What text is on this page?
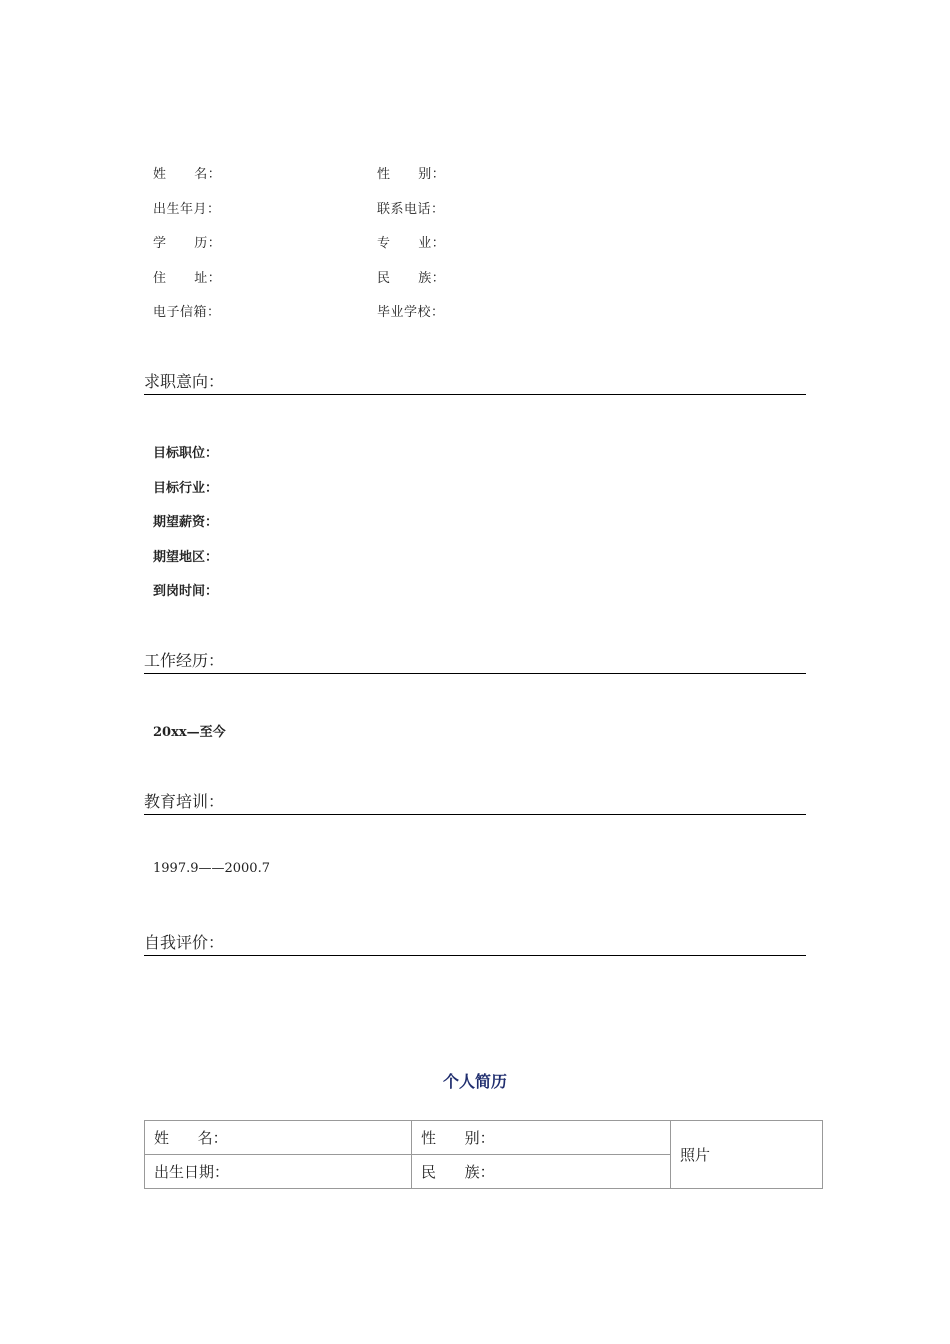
姓      名：	性      别：
出生年月：	联系电话：
学      历：	专      业：
住      址：	民      族：
电子信箱：	毕业学校：
求职意向：
目标职位：
目标行业：
期望薪资：
期望地区：
到岗时间：
工作经历：
20xx—至今
教育培训：
1997.9——2000.7
自我评价：
个人简历
姓      名：	性      别：	照片
出生日期：	民      族：	
